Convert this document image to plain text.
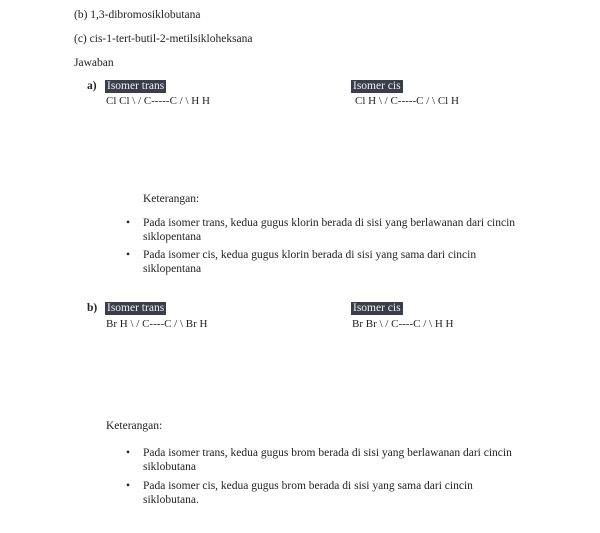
(b) 1,3-dibromosiklobutana
(c) cis-1-tert-butil-2-metilsikloheksana
Jawaban
a) Isomer trans
Cl Cl \ / C-----C / \ H H
Isomer cis
Cl H \ / C-----C / \ Cl H
Keterangan:
• Pada isomer trans, kedua gugus klorin berada di sisi yang berlawanan dari cincin
siklopentana
• Pada isomer cis, kedua gugus klorin berada di sisi yang sama dari cincin
siklopentana
b) Isomer trans
Br H \ / C----C / \ Br H
Isomer cis
Br Br \ / C----C / \ H H
Keterangan:
• Pada isomer trans, kedua gugus brom berada di sisi yang berlawanan dari cincin
siklobutana
• Pada isomer cis, kedua gugus brom berada di sisi yang sama dari cincin
siklobutana.
